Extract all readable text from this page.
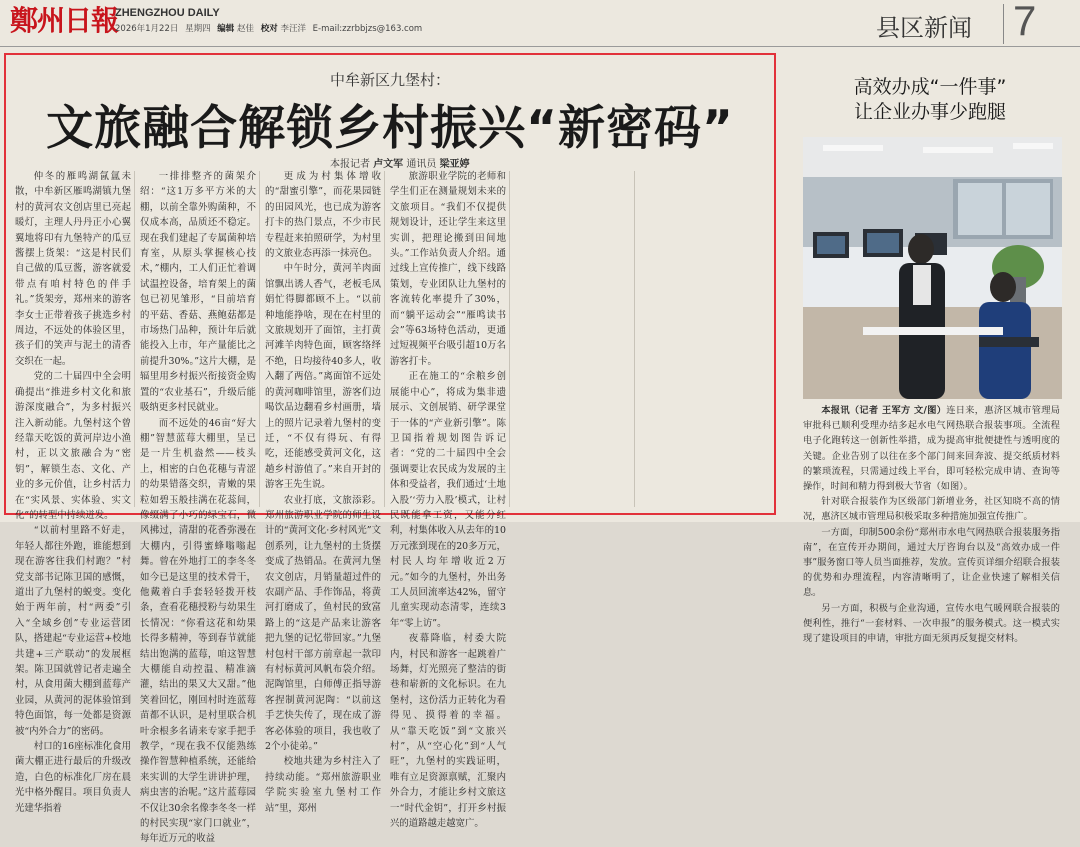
鄭州日報
ZHENGZHOU DAILY
2026年1月22日 星期四 编辑 赵佳 校对 李汪洋 E-mail:zzrbbjzs@163.com	县区新闻 7
中牟新区九堡村：
文旅融合解锁乡村振兴“新密码”
本报记者 卢文军 通讯员 梁亚婷

仲冬的雁鸣湖氤氲未散，中牟新区雁鸣湖镇九堡村的黄河农文创店里已亮起暖灯，主理人丹丹正小心翼翼地将印有九堡特产的瓜豆酱摆上货架：“这是村民们自己做的瓜豆酱，游客就爱带点有咱村特色的伴手礼。”货架旁，郑州来的游客李女士正带着孩子挑选乡村周边，不远处的体验区里，孩子们的笑声与泥土的清香交织在一起。

党的二十届四中全会明确提出“推进乡村文化和旅游深度融合”，为多村振兴注入新动能。九堡村这个曾经靠天吃饭的黄河岸边小渔村，正以文旅融合为“密钥”，解锁生态、文化、产业的多元价值，让乡村活力在“实风景、实体验、实文化”的转型中持续迸发。

“以前村里路不好走，年轻人都往外跑，谁能想到现在游客往我们村跑？”村党支部书记陈卫国的感慨，道出了九堡村的蜕变。变化始于两年前，村“两委”引入“全域乡创”专业运营团队，搭建起“专业运营+校地共建+三产联动”的发展框架。陈卫国就曾记者走遍全村，从食用菌大棚到蓝莓产业园，从黄河的泥体验馆到特色面馆，每一处都是资源被“内外合力”的密码。

村口的16座标准化食用菌大棚正进行最后的升级改造，白色的标准化厂房在晨光中格外醒目。项目负责人光建华指着

一排排整齐的菌架介绍：“这1万多平方米的大棚，以前全靠外购菌种，不仅成本高，品质还不稳定。现在我们建起了专属菌种培育室，从原头掌握核心技术，”棚内，工人们正忙着调试温控设备，培育架上的菌包已初见雏形，“目前培育的平菇、香菇、燕鲍菇都是市场热门品种，预计年后就能投入上市，年产量能比之前提升30%。”这片大棚，是辐里用乡村振兴衔接资金购置的“农业基石”，升级后能吸纳更多村民就业。

而不远处的46亩“好大棚”智慧蓝莓大棚里，呈已是一片生机盎然——枝头上，相密的白色花穗与青涩的幼果错落交织，青嫩的果粒如碧玉般挂满在花蕊间，像缀满了小巧的绿宝石，微风拂过，清甜的花香弥漫在大棚内，引得蜜蜂嗡嗡起舞。曾在外地打工的李冬冬如今已是这里的技术骨干，他戴着白手套轻轻拨开枝条，查看花穗授粉与幼果生长情况：“你看这花和幼果长得多精神，等到春节就能结出饱满的蓝莓，咱这智慧大棚能自动控温、精准滴灌，结出的果又大又甜。”他笑着回忆，刚回村时连蓝莓苗都不认识，是村里联合机叶余根多名请来专家手把手教学，“现在我不仅能熟练操作智慧种植系统，还能给来实训的大学生讲讲护理，病虫害的治呢。”这片蓝莓园不仅让30余名像李冬冬一样的村民实现“家门口就业”，每年近万元的收益

更成为村集体增收的“甜蜜引擎”，而花果园链的田园风光，也已成为游客打卡的热门景点，不少市民专程赶来拍照研学，为村里的文旅业态再添一抹亮色。

中午时分，黄河羊肉面馆飘出诱人香气，老板毛凤娟忙得脚都顾不上。“以前种地能挣啥，现在在村里的文旅规划开了面馆，主打黄河滩羊肉特色面，顾客络绎不绝，日均接待40多人，收入翻了两倍。”离面馆不远处的黄河咖啡馆里，游客们边喝饮品边翻看乡村画册，墙上的照片记录着九堡村的变迁，“不仅有得玩、有得吃，还能感受黄河文化，这趟乡村游值了。”来自开封的游客王先生说。

农业打底，文旅添彩。郑州旅游职业学院的师生设计的“黄河文化·乡村风光”文创系列，让九堡村的土货摆变成了热销品。在黄河九堡农文创店，月销量超过件的农副产品、手作饰品，将黄河打磨成了，鱼村民的致富路上的“这是产品来让游客把九堡的记忆带回家。”九堡村包村干部方前章起一款印有村标黄河风帆布袋介绍。泥陶馆里，白师傅正指导游客捏制黄河泥陶：“以前这手艺快失传了，现在成了游客必体验的项目，我也收了2个小徒弟。”

校地共建为乡村注入了持续动能。“郑州旅游职业学院实验室九堡村工作站”里，郑州

旅游职业学院的老师和学生们正在测量规划未来的文旅项目。“我们不仅提供规划设计，还让学生来这里实训，把理论搬到田间地头。”工作站负责人介绍。通过线上宣传推广，线下线路策划，专业团队让九堡村的客流转化率提升了30%，而“躺平运动会”“雁鸣读书会”等63场特色活动，更通过短视频平台吸引超10万名游客打卡。

正在施工的“余粮乡创展能中心”，将成为集非遗展示、文创展销、研学课堂于一体的“产业新引擎”。陈卫国指着规划图告诉记者：“党的二十届四中全会强调要让农民成为发展的主体和受益者，我们通过‘土地入股’‘劳力入股’模式，让村民既能拿工资，又能分红利，村集体收入从去年的10万元涨到现在的20多万元，村民人均年增收近2万元。”如今的九堡村，外出务工人员回流率达42%，留守儿童实现动态清零，连续3年“零上访”。

夜幕降临，村委大院内，村民和游客一起跳着广场舞，灯光照亮了整洁的街巷和崭新的文化标识。在九堡村，这份活力正转化为看得见、摸得着的幸福。从“靠天吃饭”到“文旅兴村”，从“空心化”到“人气旺”，九堡村的实践证明，唯有立足资源禀赋，汇聚内外合力，才能让乡村文旅这一“时代金钥”，打开乡村振兴的道路越走越宽广。

高效办成“一件事”
让企业办事少跑腿

本报讯（记者 王军方 文/图）连日来，惠济区城市管理局审批科已顺利受理办结多起水电气网热联合报装事项。全流程电子化跑转这一创新性举措，成为提高审批便捷性与透明度的关键。企业告别了以往在多个部门间来回奔波、提交纸质材料的繁琐流程，只需通过线上平台，即可轻松完成申请、查询等操作，时间和精力得到极大节省（如图）。

针对联合报装作为区级部门新增业务，社区知晓不高的情况，惠济区城市管理局积极采取多种措施加强宣传推广。

一方面，印制500余份“郑州市水电气网热联合报装服务指南”，在宣传开办期间，通过大厅咨询台以及“高效办成一件事”服务窗口等人员当面推荐，发放。宣传页详细介绍联合报装的优势和办理流程，内容清晰明了，让企业快速了解相关信息。

另一方面，积极与企业沟通，宣传水电气暖网联合报装的便利性，推行“一套材料、一次申报”的服务模式。这一模式实现了建设项目的申请，审批方面无须再反复提交材料。
